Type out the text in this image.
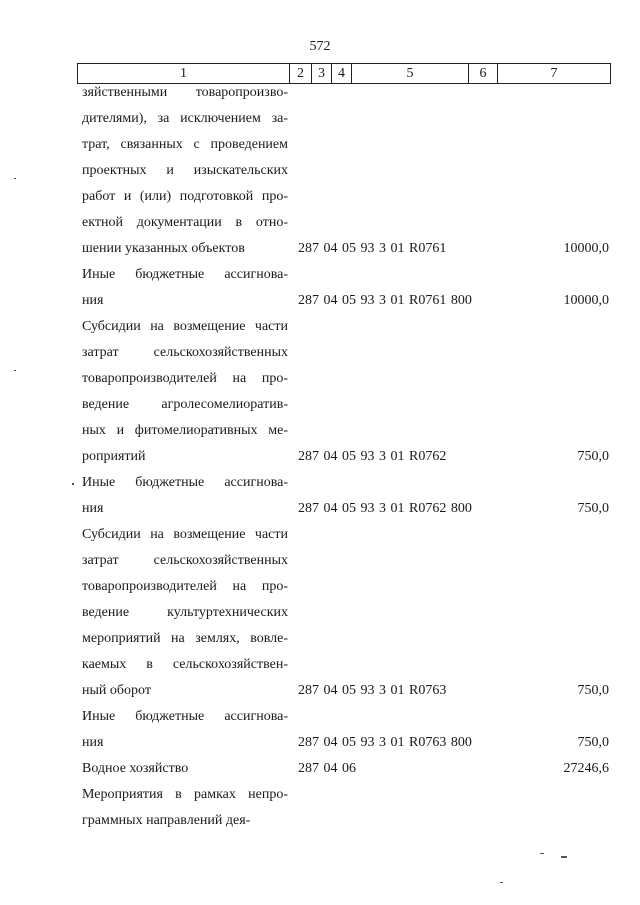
572
1	2	3	4	5	6	7
зяйственными товаропроизво-
дителями), за исключением за-
трат, связанных с проведением
проектных и изыскательских
работ и (или) подготовкой про-
ектной документации в отно-
шении указанных объектов	287 04 05 93 3 01 R0761	10000,0
Иные бюджетные ассигнова-
ния	287 04 05 93 3 01 R0761 800	10000,0
Субсидии на возмещение части
затрат сельскохозяйственных
товаропроизводителей на про-
ведение агролесомелиоратив-
ных и фитомелиоративных ме-
роприятий	287 04 05 93 3 01 R0762	750,0
Иные бюджетные ассигнова-
ния	287 04 05 93 3 01 R0762 800	750,0
Субсидии на возмещение части
затрат сельскохозяйственных
товаропроизводителей на про-
ведение культуртехнических
мероприятий на землях, вовле-
каемых в сельскохозяйствен-
ный оборот	287 04 05 93 3 01 R0763	750,0
Иные бюджетные ассигнова-
ния	287 04 05 93 3 01 R0763 800	750,0
Водное хозяйство	287 04 06	27246,6
Мероприятия в рамках непро-
граммных направлений дея-
